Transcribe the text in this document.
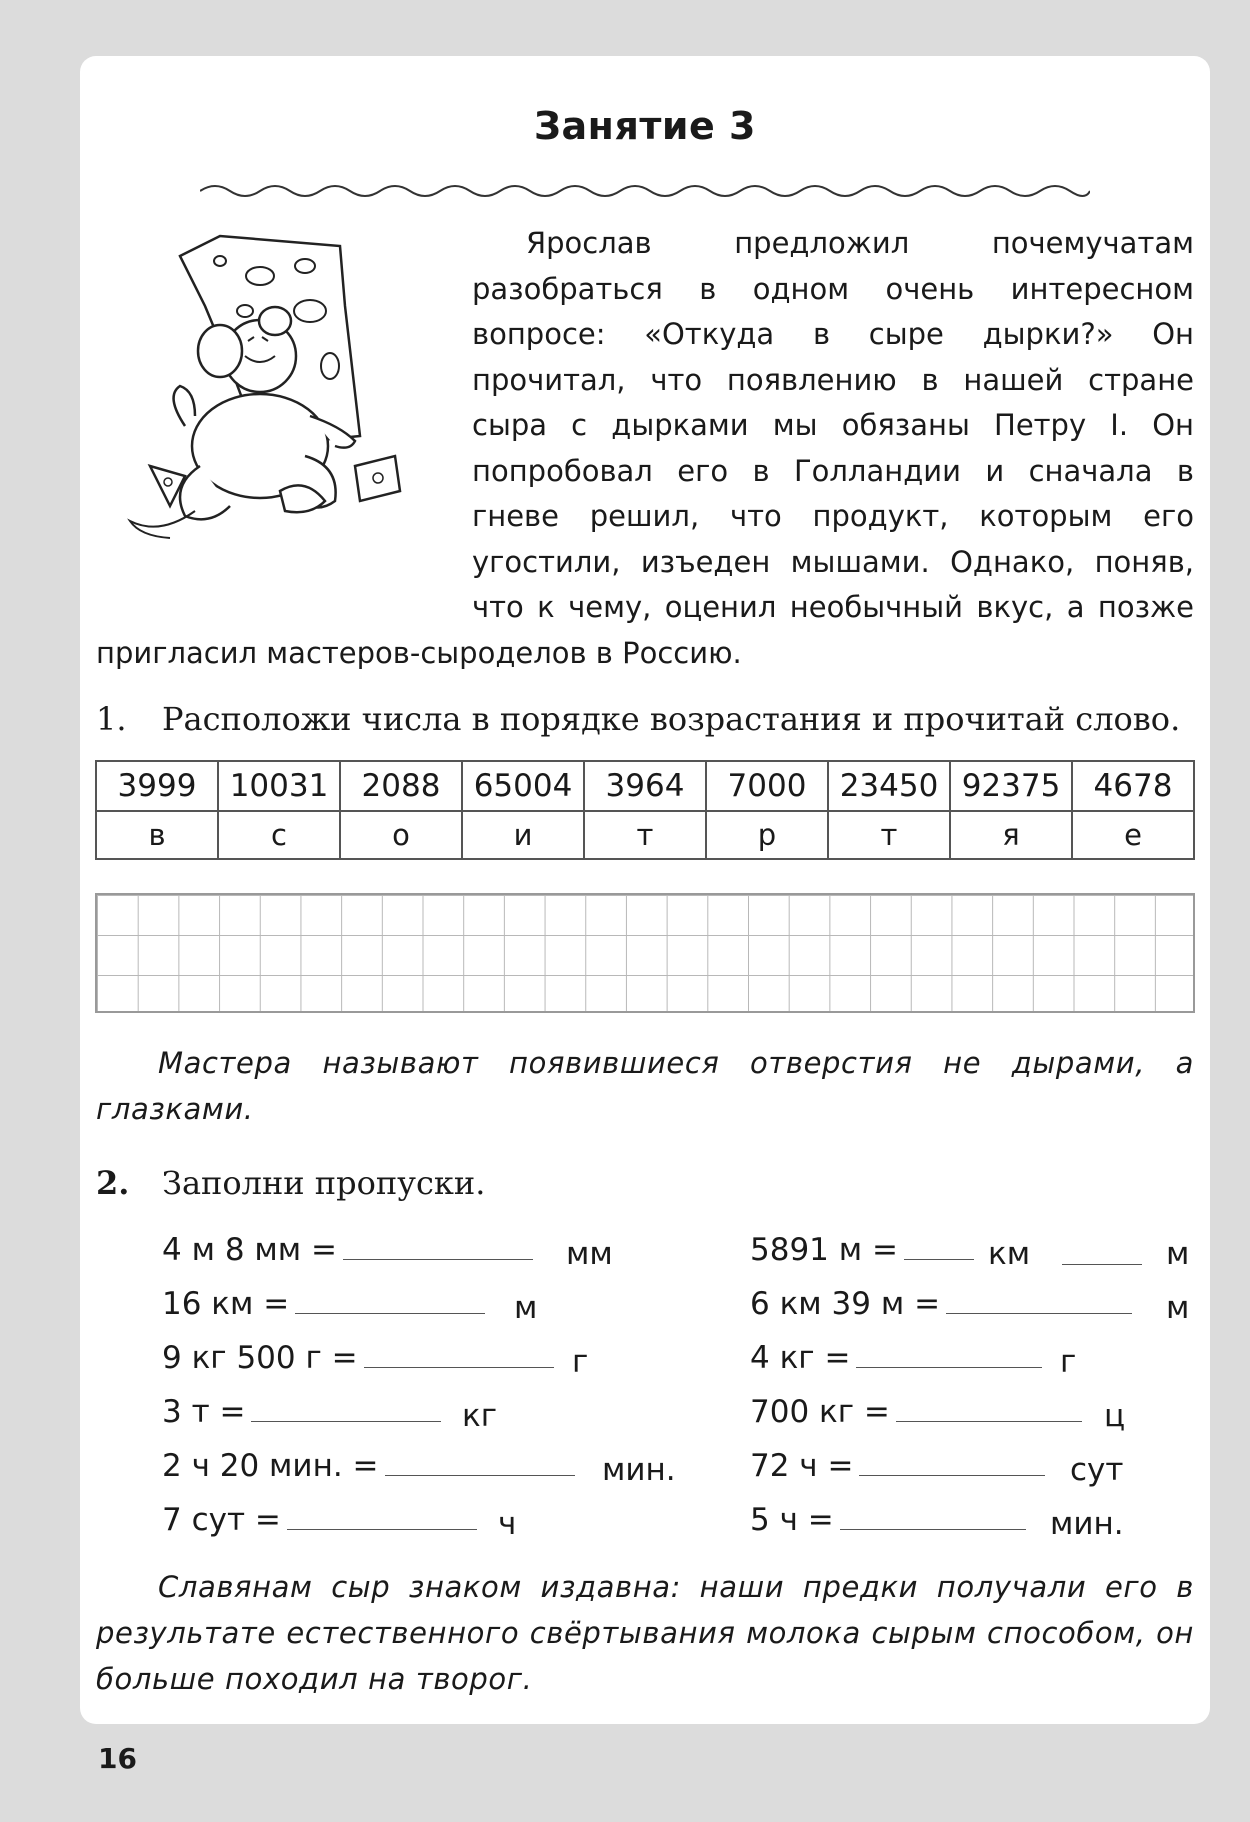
Занятие 3
Ярослав предложил почемучатам разобраться в одном очень интересном вопросе: «Откуда в сыре дырки?» Он прочитал, что появлению в нашей стране сыра с дырками мы обязаны Петру I. Он попробовал его в Голландии и сначала в гневе решил, что продукт, которым его угостили, изъеден мышами. Однако, поняв, что к чему, оценил необычный вкус, а позже пригласил мастеров-сыроделов в Россию.
1. Расположи числа в порядке возрастания и прочитай слово.
3999	10031	2088	65004	3964	7000	23450	92375	4678
в	с	о	и	т	р	т	я	е
Мастера называют появившиеся отверстия не дырами, а глазками.
2. Заполни пропуски.
4 м 8 мм =	мм
16 км =	м
9 кг 500 г =	г
3 т =	кг
2 ч 20 мин. =	мин.
7 сут =	ч
5891 м =	км	м
6 км 39 м =	м
4 кг =	г
700 кг =	ц
72 ч =	сут
5 ч =	мин.
Славянам сыр знаком издавна: наши предки получали его в результате естественного свёртывания молока сырым способом, он больше походил на творог.
16
